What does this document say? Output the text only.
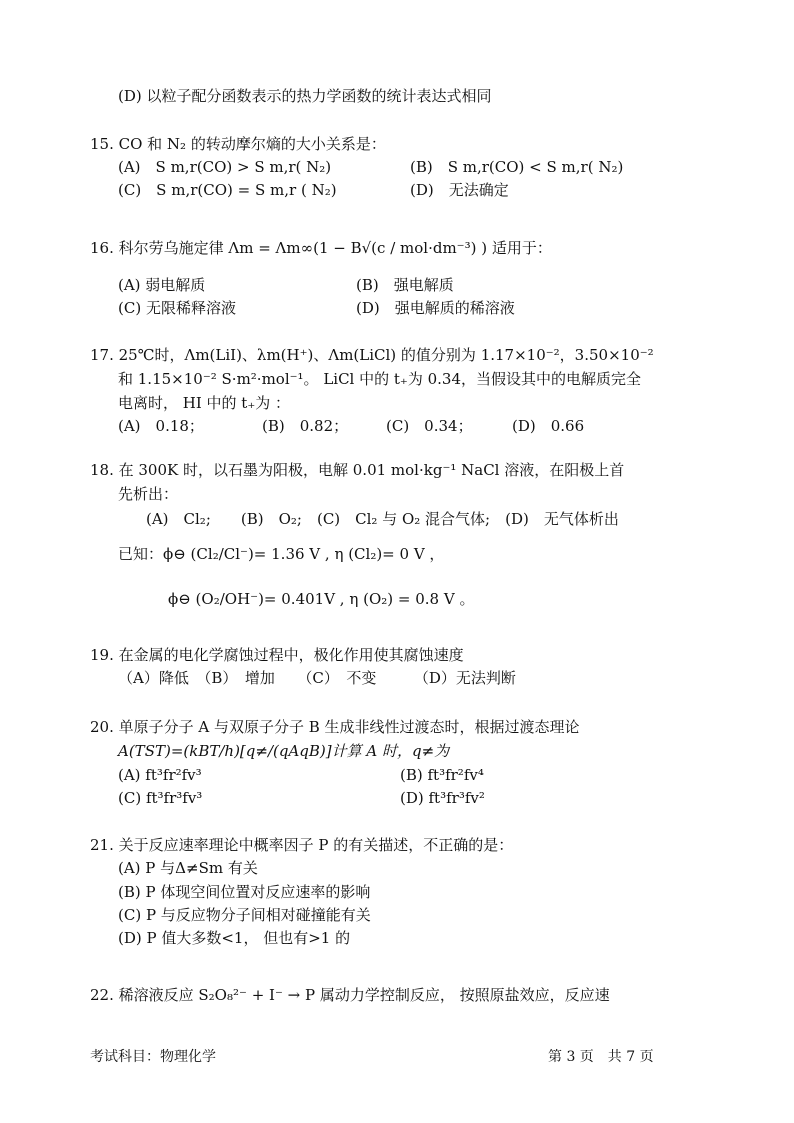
(D) 以粒子配分函数表示的热力学函数的统计表达式相同
15. CO 和 N₂ 的转动摩尔熵的大小关系是：
(A)　S m,r(CO) > S m,r( N₂)	(B)　S m,r(CO) < S m,r( N₂)
(C)　S m,r(CO) = S m,r ( N₂)	(D)　无法确定
16. 科尔劳乌施定律 Λm = Λm∞(1 − B√(c / mol·dm⁻³) ) 适用于：
(A) 弱电解质	(B)　强电解质
(C) 无限稀释溶液	(D)　强电解质的稀溶液
17. 25℃时，Λm(LiI)、λm(H⁺)、Λm(LiCl) 的值分别为 1.17×10⁻²，3.50×10⁻²
和 1.15×10⁻² S·m²·mol⁻¹。 LiCl 中的 t₊为 0.34，当假设其中的电解质完全
电离时， HI 中的 t₊为 ：
(A)　0.18；	(B)　0.82；	(C)　0.34；	(D)　0.66
18. 在 300K 时，以石墨为阳极，电解 0.01 mol·kg⁻¹ NaCl 溶液，在阳极上首
先析出：
(A)　Cl₂;　　(B)　O₂;　(C)　Cl₂ 与 O₂ 混合气体;　(D)　无气体析出
已知：ϕ⊖ (Cl₂/Cl⁻)= 1.36 V , η (Cl₂)= 0 V ，
ϕ⊖ (O₂/OH⁻)= 0.401V , η (O₂) = 0.8 V 。
19. 在金属的电化学腐蚀过程中，极化作用使其腐蚀速度
（A）降低　（B）　增加　　（C）　不变　　　（D）无法判断
20. 单原子分子 A 与双原子分子 B 生成非线性过渡态时，根据过渡态理论
A(TST)=(kBT/h)[q≠/(qAqB)]计算 A 时，q≠为
(A) ft³fr²fv³	(B) ft³fr²fv⁴
(C) ft³fr³fv³	(D) ft³fr³fv²
21. 关于反应速率理论中概率因子 P 的有关描述，不正确的是：
(A) P 与Δ≠Sm 有关
(B) P 体现空间位置对反应速率的影响
(C) P 与反应物分子间相对碰撞能有关
(D) P 值大多数<1， 但也有>1 的
22. 稀溶液反应 S₂O₈²⁻ + I⁻ → P 属动力学控制反应， 按照原盐效应，反应速
考试科目：物理化学	第 3 页　共 7 页
